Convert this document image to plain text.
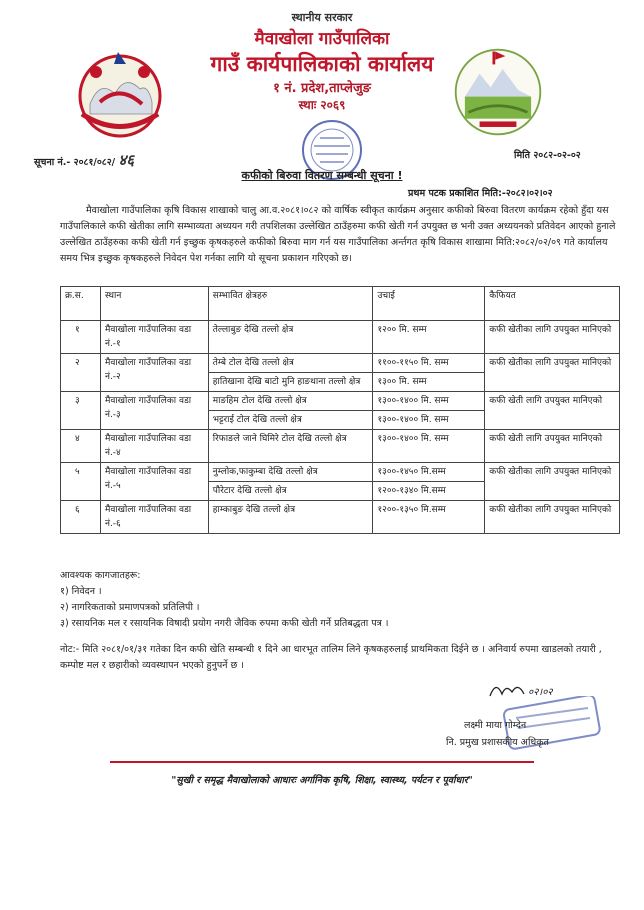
स्थानीय सरकार
मैवाखोला गाउँपालिका
गाउँ कार्यपालिकाको कार्यालय
१ नं. प्रदेश,ताप्लेजुङ
स्थाः २०६९
सूचना नं.- २०८१/०८२/ ४६	मिति २०८२-०२-०२
कफीको बिरुवा वितरण सम्बन्धी सूचना !
प्रथम पटक प्रकाशित मिति:-२०८२।०२।०२
मैवाखोला गाउँपालिका कृषि विकास शाखाको चालु आ.व.२०८१।०८२ को वार्षिक स्वीकृत कार्यक्रम अनुसार कफीको बिरुवा वितरण कार्यक्रम रहेको हुँदा यस गाउँपालिकाले कफी खेतीका लागि सम्भाव्यता अध्ययन गरी तपशिलका उल्लेखित ठाउँहरुमा कफी खेती गर्न उपयुक्त छ भनी उक्त अध्ययनको प्रतिवेदन आएको हुनाले उल्लेखित ठाउँहरुका कफी खेती गर्न इच्छुक कृषकहरुले कफीको बिरुवा माग गर्न यस गाउँपालिका अर्न्तगत कृषि विकास शाखामा मिति:२०८२/०२/०९ गते कार्यालय समय भित्र इच्छुक कृषकहरुले निवेदन पेश गर्नका लागि यो सूचना प्रकाशन गरिएको छ।
क्र.स.	स्थान	सम्भावित क्षेत्रहरु	उचाई	कैफियत
१	मैवाखोला गाउँपालिका वडा नं.-१	तेल्लाबुङ देखि तल्लो क्षेत्र	१२०० मि. सम्म	कफी खेतीका लागि उपयुक्त मानिएको
२	मैवाखोला गाउँपालिका वडा नं.-२	तेम्बे टोल देखि तल्लो क्षेत्र	११००-११५० मि. सम्म	कफी खेतीका लागि उपयुक्त मानिएको
		हातिखाना देखि बाटो मुनि हाङथाना तल्लो क्षेत्र	१३०० मि. सम्म	
३	मैवाखोला गाउँपालिका वडा नं.-३	माङहिम टोल देखि तल्लो क्षेत्र	१३००-१४०० मि. सम्म	कफी खेती लागि उपयुक्त मानिएको
		भट्टराई टोल देखि तल्लो क्षेत्र	१३००-१४०० मि. सम्म	
४	मैवाखोला गाउँपालिका वडा नं.-४	रिफाङले जाने घिमिरे टोल देखि तल्लो क्षेत्र	१३००-१४०० मि. सम्म	कफी खेती लागि उपयुक्त मानिएको
५	मैवाखोला गाउँपालिका वडा नं.-५	नुम्लोक,फाकुम्बा देखि तल्लो क्षेत्र	१३००-१४५० मि.सम्म	कफी खेतीका लागि उपयुक्त मानिएको
		पौरेटार देखि तल्लो क्षेत्र	१२००-१३४० मि.सम्म	
६	मैवाखोला गाउँपालिका वडा नं.-६	हाम्काबुङ देखि तल्लो क्षेत्र	१२००-१३५० मि.सम्म	कफी खेतीका लागि उपयुक्त मानिएको
आवश्यक कागजातहरू:
१) निवेदन ।
२) नागरिकताको प्रमाणपत्रको प्रतिलिपी ।
३) रसायनिक मल र रसायनिक विषादी प्रयोग नगरी जैविक रुपमा कफी खेती गर्ने प्रतिबद्धता पत्र ।
नोट:- मिति २०८१/०१/३१ गतेका दिन कफी खेति सम्बन्धी १ दिने आ धारभूत तालिम लिने कृषकहरुलाई प्राथमिकता दिईने छ । अनिवार्य रुपमा खाडलको तयारी , कम्पोष्ट मल र छहारीको व्यवस्थापन भएको हुनुपर्ने छ ।
०२।०२
लक्ष्मी माया गोम्देन
नि. प्रमुख प्रशासकीय अधिकृत
"सुखी र समृद्ध मैवाखोलाको आधारः अर्गानिक कृषि, शिक्षा, स्वास्थ्य, पर्यटन र पूर्वाधार"
